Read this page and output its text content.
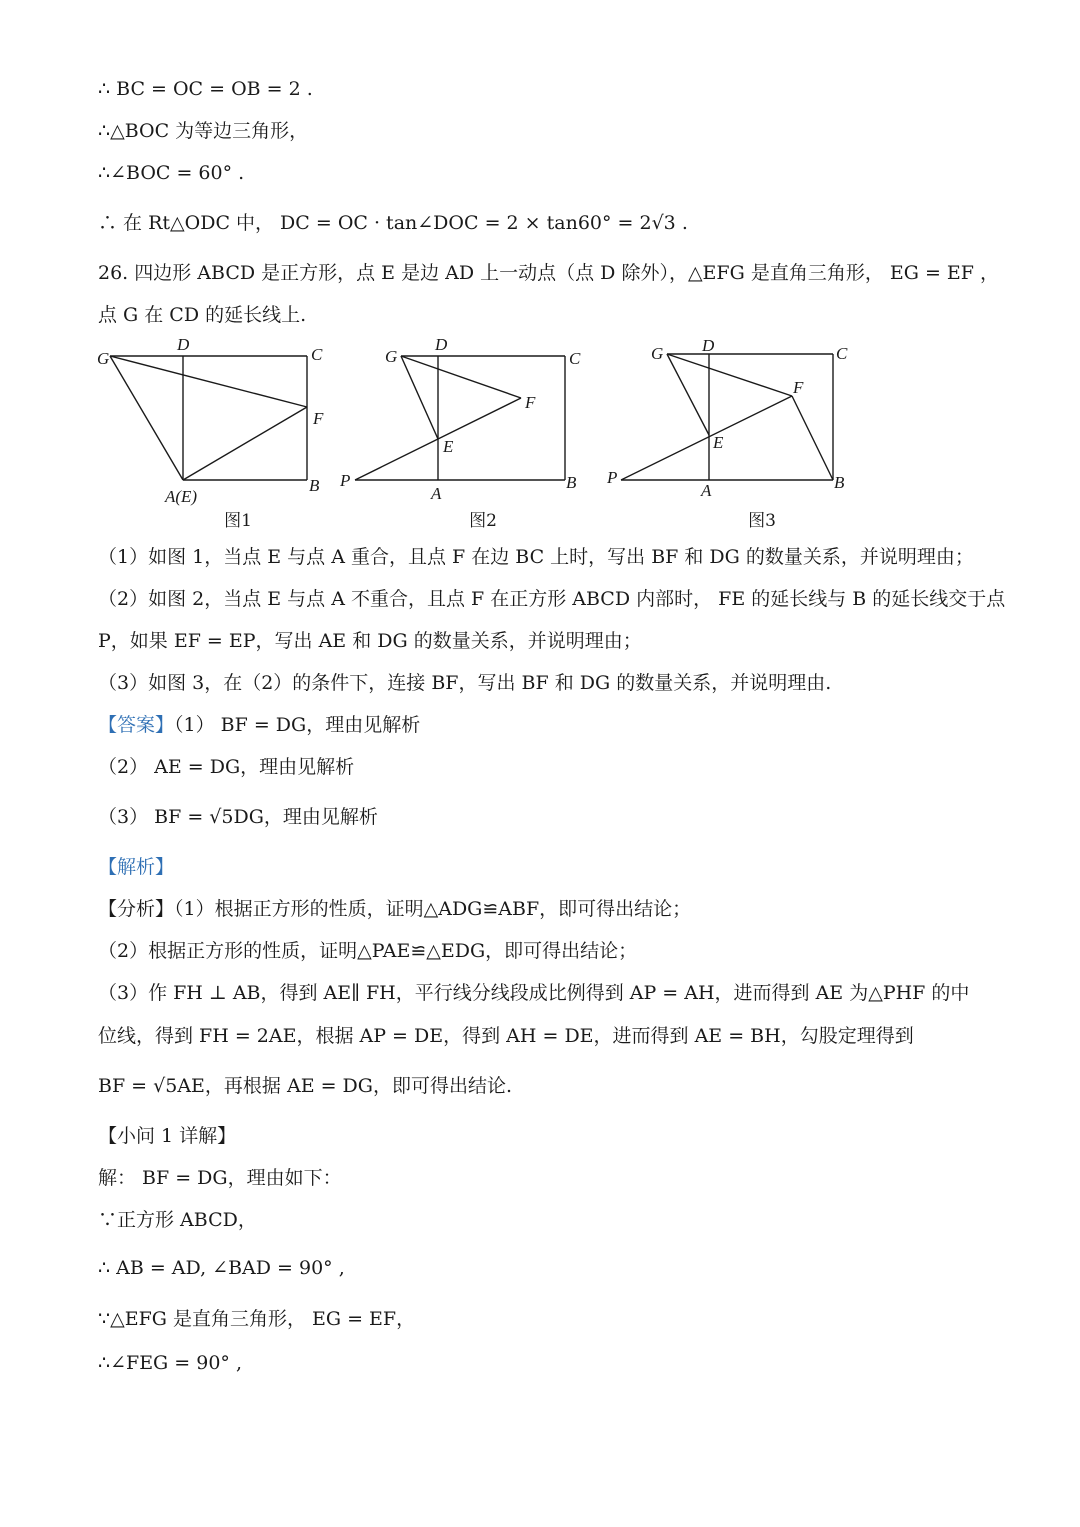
∴ BC = OC = OB = 2 .
∴△BOC 为等边三角形，
∴∠BOC = 60° .
∴ 在 Rt△ODC 中， DC = OC · tan∠DOC = 2 × tan60° = 2√3 .
26. 四边形 ABCD 是正方形，点 E 是边 AD 上一动点（点 D 除外），△EFG 是直角三角形， EG = EF ，
点 G 在 CD 的延长线上.
G
D
C
F
A(E)
B
图1
G
D
C
F
E
P
A
B
图2
G D	C
F
E
P
A	B
图3
（1）如图 1，当点 E 与点 A 重合，且点 F 在边 BC 上时，写出 BF 和 DG 的数量关系，并说明理由；
（2）如图 2，当点 E 与点 A 不重合，且点 F 在正方形 ABCD 内部时， FE 的延长线与 B 的延长线交于点
P，如果 EF = EP，写出 AE 和 DG 的数量关系，并说明理由；
（3）如图 3，在（2）的条件下，连接 BF，写出 BF 和 DG 的数量关系，并说明理由.
【答案】（1） BF = DG，理由见解析
（2） AE = DG，理由见解析
（3） BF = √5DG，理由见解析
【解析】
【分析】（1）根据正方形的性质，证明△ADG≌ABF，即可得出结论；
（2）根据正方形的性质，证明△PAE≌△EDG，即可得出结论；
（3）作 FH ⊥ AB，得到 AE∥ FH，平行线分线段成比例得到 AP = AH，进而得到 AE 为△PHF 的中
位线，得到 FH = 2AE，根据 AP = DE，得到 AH = DE，进而得到 AE = BH，勾股定理得到
BF = √5AE，再根据 AE = DG，即可得出结论.
【小问 1 详解】
解： BF = DG，理由如下：
∵正方形 ABCD，
∴ AB = AD, ∠BAD = 90° ,
∵△EFG 是直角三角形， EG = EF，
∴∠FEG = 90° ,
